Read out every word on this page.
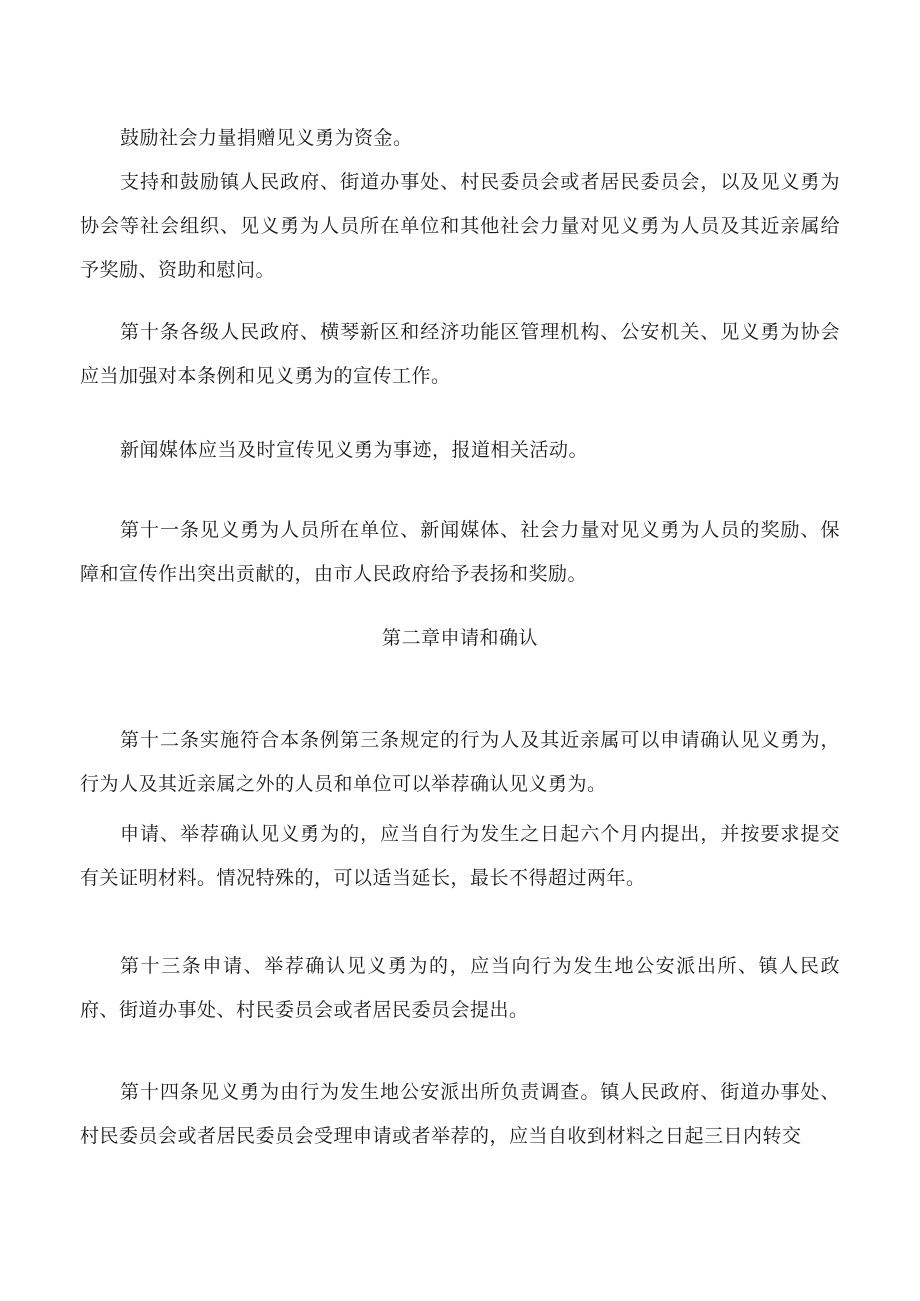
鼓励社会力量捐赠见义勇为资金。

支持和鼓励镇人民政府、街道办事处、村民委员会或者居民委员会，以及见义勇为协会等社会组织、见义勇为人员所在单位和其他社会力量对见义勇为人员及其近亲属给予奖励、资助和慰问。

第十条各级人民政府、横琴新区和经济功能区管理机构、公安机关、见义勇为协会应当加强对本条例和见义勇为的宣传工作。

新闻媒体应当及时宣传见义勇为事迹，报道相关活动。

第十一条见义勇为人员所在单位、新闻媒体、社会力量对见义勇为人员的奖励、保障和宣传作出突出贡献的，由市人民政府给予表扬和奖励。

第二章申请和确认

第十二条实施符合本条例第三条规定的行为人及其近亲属可以申请确认见义勇为，行为人及其近亲属之外的人员和单位可以举荐确认见义勇为。

申请、举荐确认见义勇为的，应当自行为发生之日起六个月内提出，并按要求提交有关证明材料。情况特殊的，可以适当延长，最长不得超过两年。

第十三条申请、举荐确认见义勇为的，应当向行为发生地公安派出所、镇人民政府、街道办事处、村民委员会或者居民委员会提出。

第十四条见义勇为由行为发生地公安派出所负责调查。镇人民政府、街道办事处、村民委员会或者居民委员会受理申请或者举荐的，应当自收到材料之日起三日内转交
